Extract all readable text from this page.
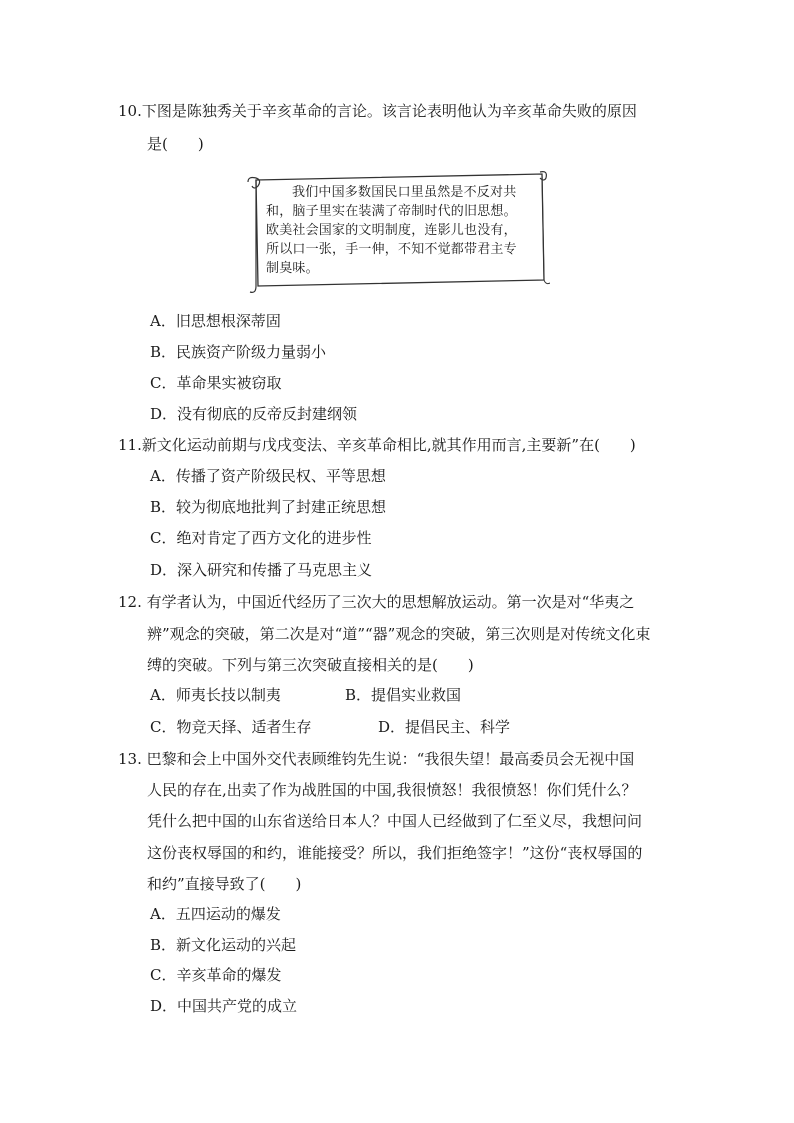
10.下图是陈独秀关于辛亥革命的言论。该言论表明他认为辛亥革命失败的原因
是(　　)
我们中国多数国民口里虽然是不反对共
和，脑子里实在装满了帝制时代的旧思想。
欧美社会国家的文明制度，连影儿也没有，
所以口一张，手一伸，不知不觉都带君主专
制臭味。
A．旧思想根深蒂固
B．民族资产阶级力量弱小
C．革命果实被窃取
D．没有彻底的反帝反封建纲领
11.新文化运动前期与戊戌变法、辛亥革命相比,就其作用而言,主要新”在(　　)
A．传播了资产阶级民权、平等思想
B．较为彻底地批判了封建正统思想
C．绝对肯定了西方文化的进步性
D．深入研究和传播了马克思主义
12. 有学者认为，中国近代经历了三次大的思想解放运动。第一次是对“华夷之
辨”观念的突破，第二次是对“道”“器”观念的突破，第三次则是对传统文化束
缚的突破。下列与第三次突破直接相关的是(　　)
A．师夷长技以制夷	B．提倡实业救国
C．物竞天择、适者生存	D．提倡民主、科学
13. 巴黎和会上中国外交代表顾维钧先生说：“我很失望！最高委员会无视中国
人民的存在,出卖了作为战胜国的中国,我很愤怒！我很愤怒！你们凭什么？
凭什么把中国的山东省送给日本人？中国人已经做到了仁至义尽，我想问问
这份丧权辱国的和约，谁能接受？所以，我们拒绝签字！”这份“丧权辱国的
和约”直接导致了(　　)
A．五四运动的爆发
B．新文化运动的兴起
C．辛亥革命的爆发
D．中国共产党的成立
